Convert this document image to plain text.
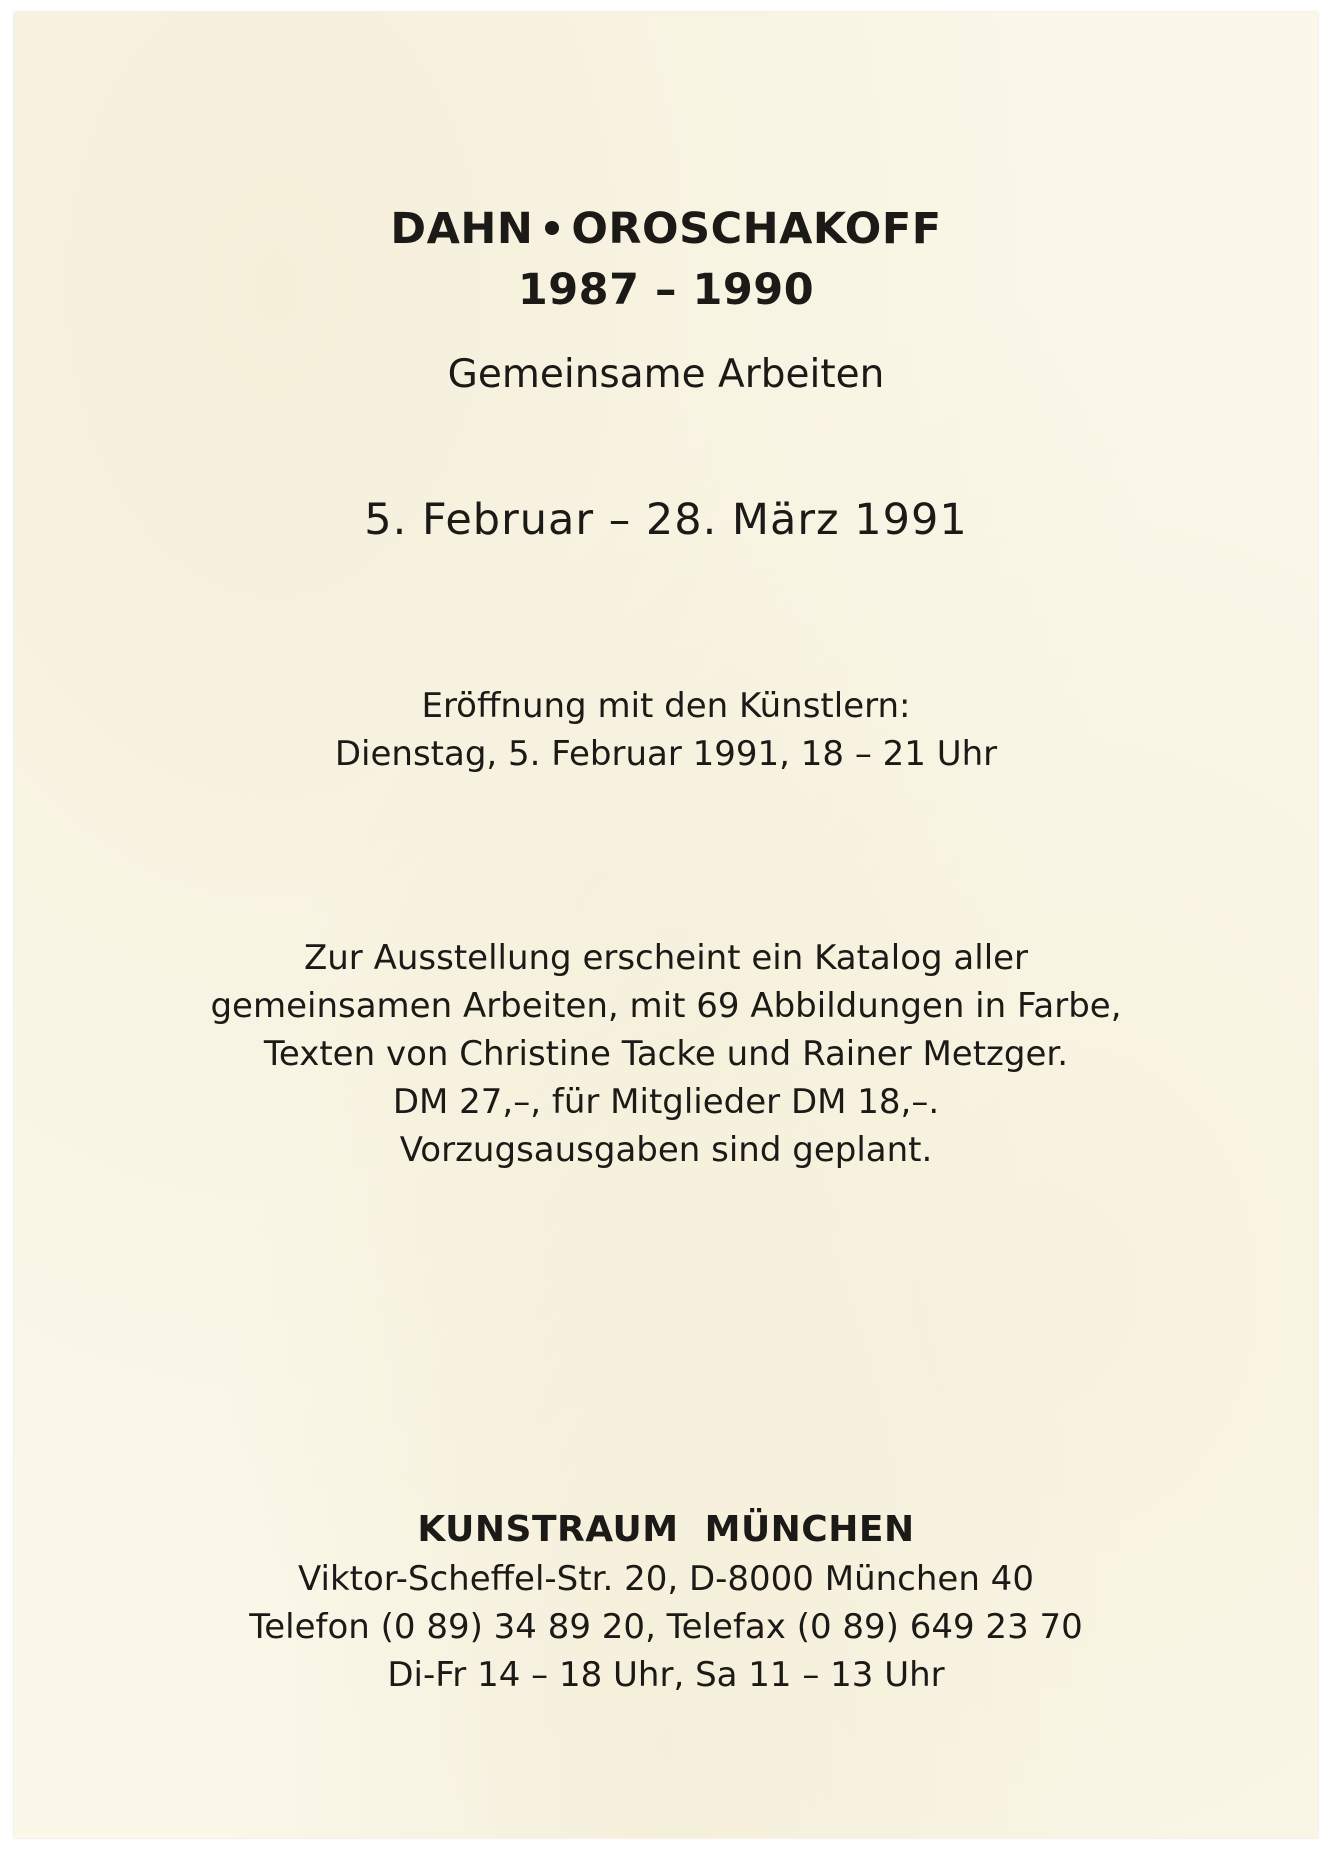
DAHN OROSCHAKOFF
1987 – 1990
Gemeinsame Arbeiten
5. Februar – 28. März 1991
Eröffnung mit den Künstlern:
Dienstag, 5. Februar 1991, 18 – 21 Uhr
Zur Ausstellung erscheint ein Katalog aller
gemeinsamen Arbeiten, mit 69 Abbildungen in Farbe,
Texten von Christine Tacke und Rainer Metzger.
DM 27,–, für Mitglieder DM 18,–.
Vorzugsausgaben sind geplant.
KUNSTRAUM  MÜNCHEN
Viktor-Scheffel-Str. 20, D-8000 München 40
Telefon (0 89) 34 89 20, Telefax (0 89) 649 23 70
Di-Fr 14 – 18 Uhr, Sa 11 – 13 Uhr
